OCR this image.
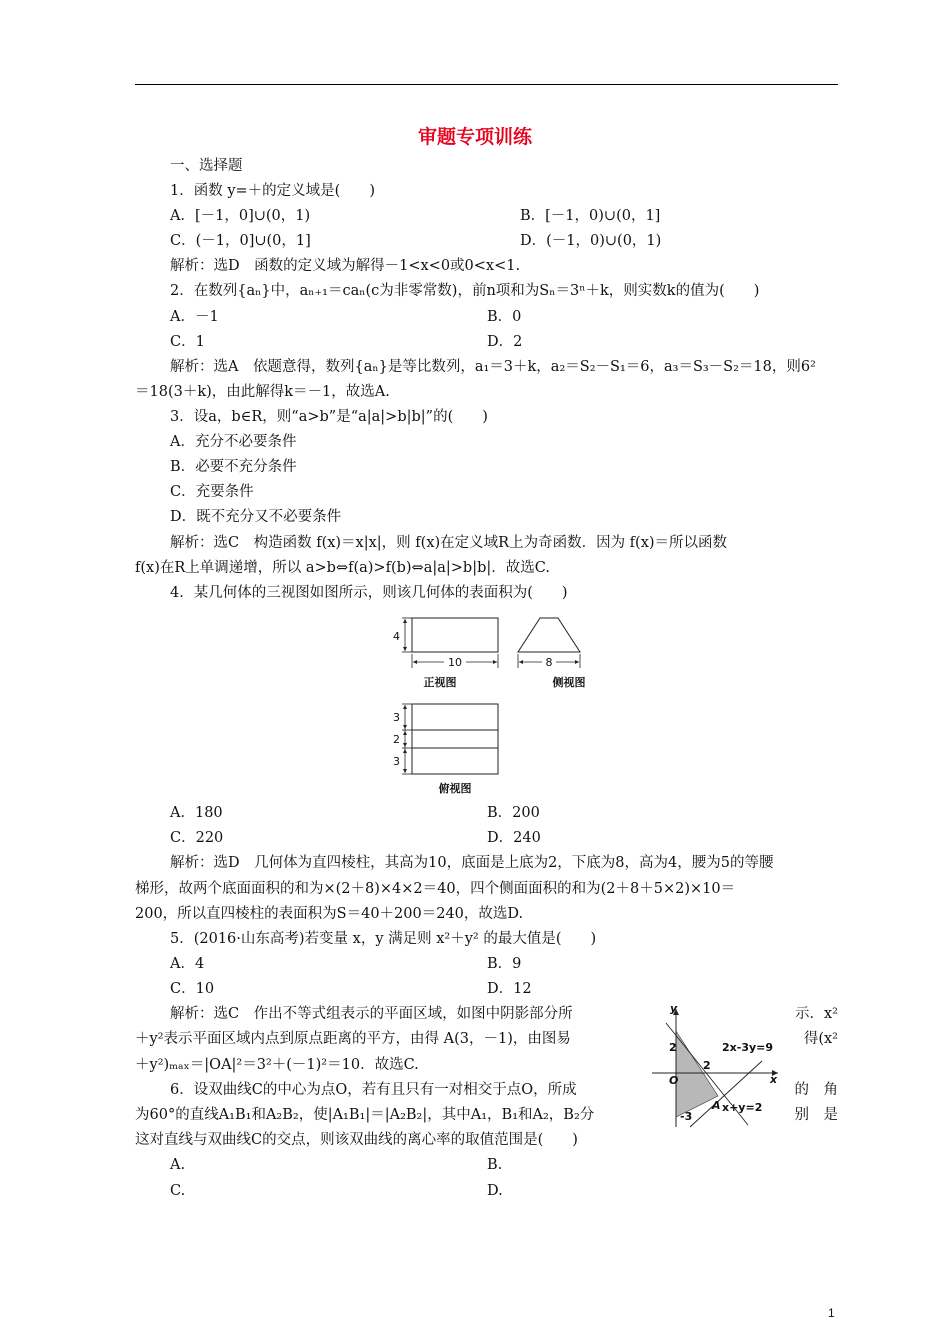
审题专项训练
一、选择题
1．函数 y=＋的定义域是(　　)
A．[－1，0]∪(0，1)	B．[－1，0)∪(0，1]
C．(－1，0]∪(0，1]	D．(－1，0)∪(0，1)
解析：选D　函数的定义域为解得－1<x<0或0<x<1.
2．在数列{aₙ}中，aₙ₊₁＝caₙ(c为非零常数)，前n项和为Sₙ＝3ⁿ＋k，则实数k的值为(　　)
A．－1	B．0
C．1	D．2
解析：选A　依题意得，数列{aₙ}是等比数列，a₁＝3＋k，a₂＝S₂－S₁＝6，a₃＝S₃－S₂＝18，则6²
＝18(3＋k)，由此解得k＝－1，故选A.
3．设a，b∈R，则“a>b”是“a|a|>b|b|”的(　　)
A．充分不必要条件
B．必要不充分条件
C．充要条件
D．既不充分又不必要条件
解析：选C　构造函数 f(x)＝x|x|，则 f(x)在定义域R上为奇函数．因为 f(x)＝所以函数
f(x)在R上单调递增，所以 a>b⇔f(a)>f(b)⇔a|a|>b|b|．故选C.
4．某几何体的三视图如图所示，则该几何体的表面积为(　　)
4
10
正视图
8
侧视图
3
2
3
俯视图
A．180	B．200
C．220	D．240
解析：选D　几何体为直四棱柱，其高为10，底面是上底为2，下底为8，高为4，腰为5的等腰
梯形，故两个底面面积的和为×(2＋8)×4×2＝40，四个侧面面积的和为(2＋8＋5×2)×10＝
200，所以直四棱柱的表面积为S＝40＋200＝240，故选D.
5．(2016·山东高考)若变量 x，y 满足则 x²＋y² 的最大值是(　　)
A．4	B．9
C．10	D．12
解析：选C　作出不等式组表示的平面区域，如图中阴影部分所	示．x²
＋y²表示平面区域内点到原点距离的平方，由得 A(3，－1)，由图易	得(x²
＋y²)ₘₐₓ＝|OA|²＝3²＋(－1)²＝10．故选C.
y
x
O
2
2
-3
A
2x-3y=9
x+y=2
6．设双曲线C的中心为点O，若有且只有一对相交于点O，所成	的　角
为60°的直线A₁B₁和A₂B₂，使|A₁B₁|＝|A₂B₂|，其中A₁，B₁和A₂，B₂分	别　是
这对直线与双曲线C的交点，则该双曲线的离心率的取值范围是(　　)
A.	B.
C.	D.
1
